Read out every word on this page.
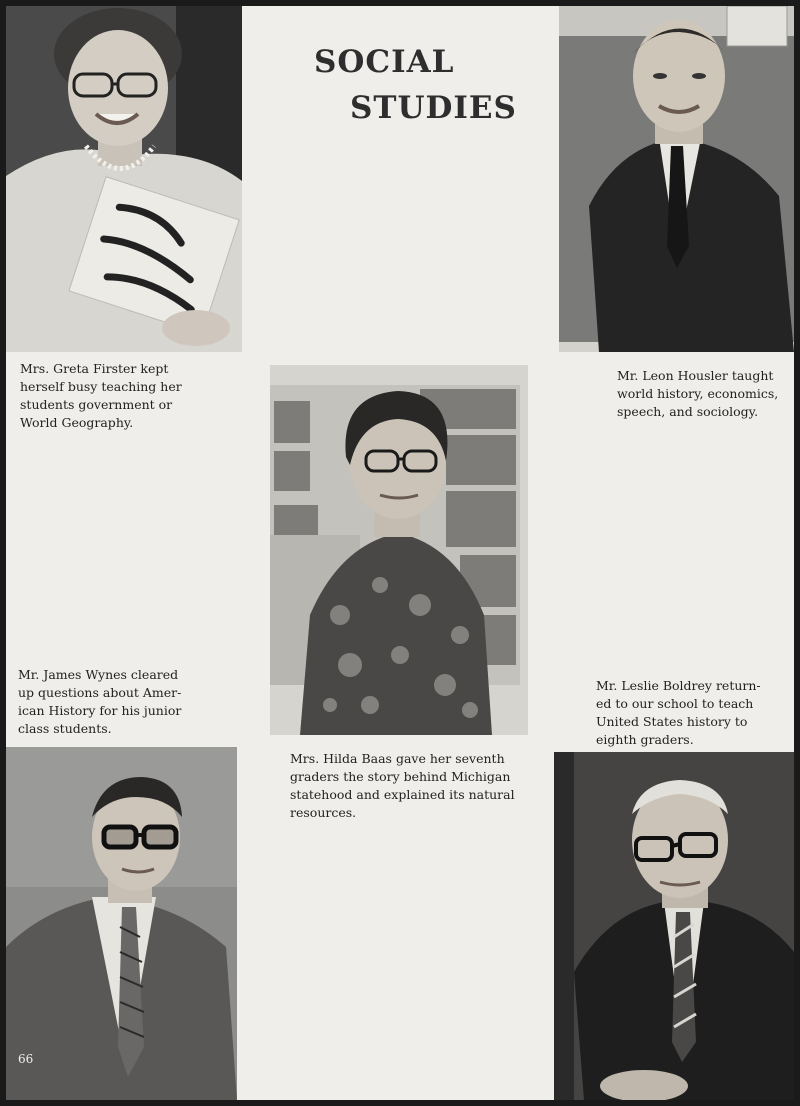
SOCIAL

STUDIES

Mrs. Greta Firster kept
herself busy teaching her
students government or
World Geography.

Mr. Leon Housler taught
world history, economics,
speech, and sociology.

Mr. James Wynes cleared
up questions about Amer-
ican History for his junior
class students.

Mr. Leslie Boldrey return-
ed to our school to teach
United States history to
eighth graders.

Mrs. Hilda Baas gave her seventh
graders the story behind Michigan
statehood and explained its natural
resources.

66
